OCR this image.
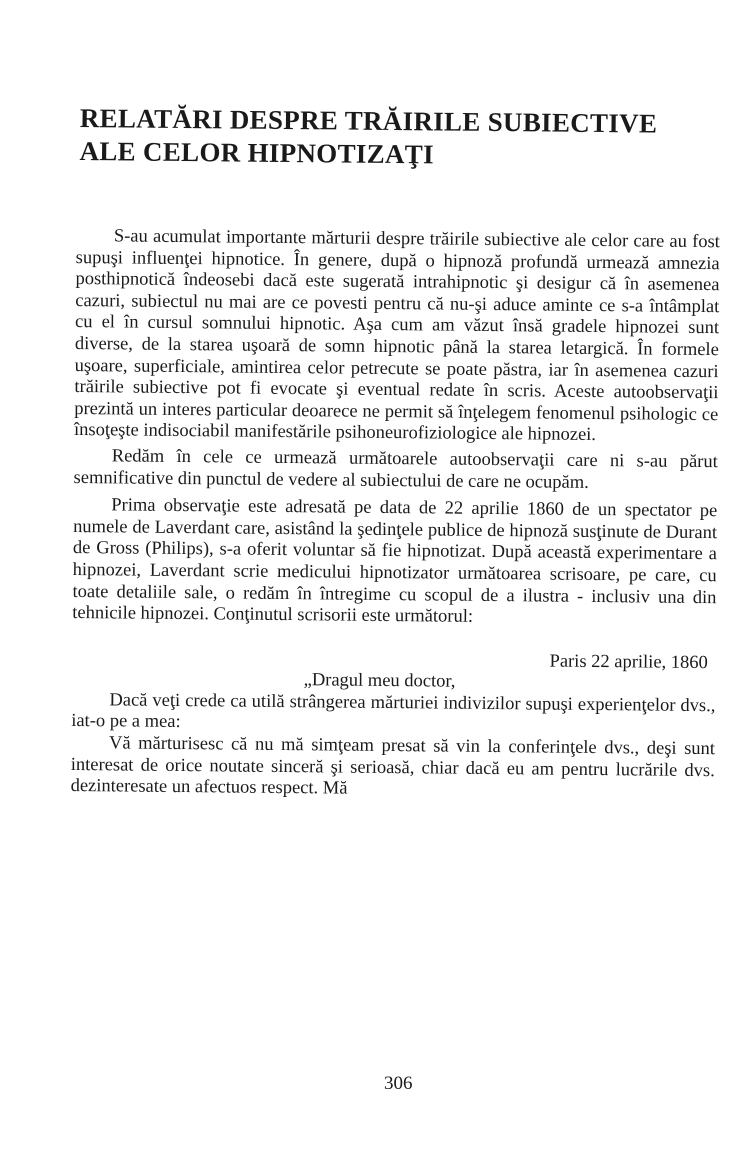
RELATĂRI DESPRE TRĂIRILE SUBIECTIVE
ALE CELOR HIPNOTIZAŢI

S-au acumulat importante mărturii despre trăirile subiective ale celor care au fost supuşi influenţei hipnotice. În genere, după o hipnoză profundă urmează amnezia posthipnotică îndeosebi dacă este sugerată intrahipnotic şi desigur că în asemenea cazuri, subiectul nu mai are ce povesti pentru că nu-şi aduce aminte ce s-a întâmplat cu el în cursul somnului hipnotic. Aşa cum am văzut însă gradele hipnozei sunt diverse, de la starea uşoară de somn hipnotic până la starea letargică. În formele uşoare, superficiale, amintirea celor petrecute se poate păstra, iar în asemenea cazuri trăirile subiective pot fi evocate şi eventual redate în scris. Aceste autoobservaţii prezintă un interes particular deoarece ne permit să înţelegem fenomenul psihologic ce însoţeşte indisociabil manifestările psihoneurofiziologice ale hipnozei.

Redăm în cele ce urmează următoarele autoobservaţii care ni s-au părut semnificative din punctul de vedere al subiectului de care ne ocupăm.

Prima observaţie este adresată pe data de 22 aprilie 1860 de un spectator pe numele de Laverdant care, asistând la şedinţele publice de hipnoză susţinute de Durant de Gross (Philips), s-a oferit voluntar să fie hipnotizat. După această experimentare a hipnozei, Laverdant scrie medicului hipnotizator următoarea scrisoare, pe care, cu toate detaliile sale, o redăm în întregime cu scopul de a ilustra - inclusiv una din tehnicile hipnozei. Conţinutul scrisorii este următorul:

Paris 22 aprilie, 1860

„Dragul meu doctor,

Dacă veţi crede ca utilă strângerea mărturiei indivizilor supuşi experienţelor dvs., iat-o pe a mea:

Vă mărturisesc că nu mă simţeam presat să vin la conferinţele dvs., deşi sunt interesat de orice noutate sinceră şi serioasă, chiar dacă eu am pentru lucrările dvs. dezinteresate un afectuos respect. Mă

306
